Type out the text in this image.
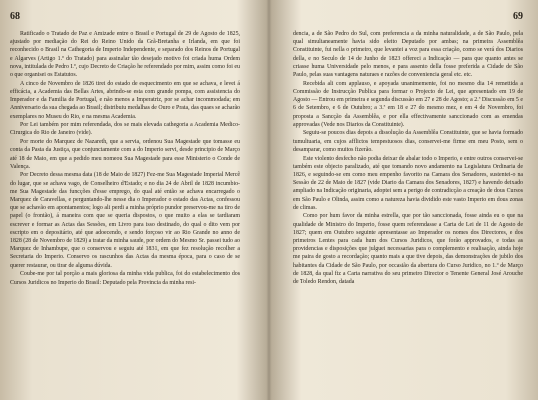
68

Ratificado o Tratado de Paz e Amizade entre o Brasil e Portugal de 29 de Agosto de 1825, ajustado por mediação do Rei do Reino Unido da Grã-Bretanha e Irlanda, em que foi reconhecido o Brasil na Cathegoria de Imperio Independente, e separado dos Reinos de Portugal e Algarves (Artigo 1.º do Tratado) para assinalar tão desejado motivo foi criada huma Ordem nova, intitulada de Pedro I.º, cujo Decreto de Criação he referendado por mim, assim como foi eu o que organisei os Estatutos.

A cinco de Novembro de 1826 tirei do estado de esquecimento em que se achava, e levei á efficácia, a Academia das Bellas Artes, abrindo-se esta com grande pompa, com assistencia do Imperador e da Familia de Portugal, e não menos a Imperatriz, por se achar incommodada; em Anniversario da sua chegada ao Brasil; distribuiu medalhas de Ouro e Prata, das quaes se acharão exemplares no Museu do Rio, e na mesma Academia.

Por Lei também por mim referendada, dos se mais elevada cathegoria a Academia Medico-Cirurgica do Rio de Janeiro (vide).

Por morte do Marquez de Nazareth, que a servia, ordenou Sua Magestade que tomasse eu conta da Pasta da Justiça, que conjunctamente com a do Imperio servi, desde principio de Março até 18 de Maio, em que a pedido meu nomeou Sua Magestade para esse Ministerio o Conde de Valença.

Por Decreto dessa mesma data (18 de Maio de 1827) Fez-me Sua Magestade Imperial Mercê do lugar, que se achava vago, de Conselheiro d'Estado; e no dia 24 de Abril de 1828 incumbio-me Sua Magestade das funcções d'esse emprego, do qual até então se achava encarregado o Marquez de Caravellas, e perguntando-lhe nesse dia o Imperador o estado das Actas, confessou que se achavão em apontamentos; logo ali perdi a minha próprio pundor preservou-me na tiro de papel (o frontão), á maneira com que se queria dispostos, o que muito a elas se tardiaram escrever e formar as Actas das Sessões, em Livro para isso destinado, do qual o dito vem por escripto em o depositário, até que adoecendo, e sendo forçoso vir ao Rio Grande no anno de 1828 (28 de Novembro de 1829) a tratar da minha saude, por ordem do Mesmo Sr. passei tudo ao Marquez de Inhambupe, que o conservou e seguiu até 1831, em que fez resolução recolher a Secretaria do Imperio. Conservo os rascunhos das Actas da mesma época, para o caso de se querer restaurar, ou tirar de alguma dúvida.

Coube-me por tal porção a mais gloriosa da minha vida publica, foi do estabelecimento dos Cursos Juridicos no Imperio do Brasil: Deputado pela Provincia da minha resi-

69

dencia, a de São Pedro do Sul, com preferencia a da minha naturalidade, a de São Paulo, pela qual simultaneamente havia sido eleito Deputado por ambas; na primeira Assemblêa Constituinte, fui nella o primeiro, que levantei a voz para essa criação, como se verá dos Diarios della, e no Seculo de 14 de Junho de 1823 offereci a Indicação — para que quanto antes se criasse huma Universidade pelo menos, e para assento della fosse preferida a Cidade de São Paulo, pelas suas vantagens naturaes e razões de conveniencia geral etc. etc.

Recebida ali com applauso, e apoyada unanimemente, foi no mesmo dia 14 remettida a Commissão de Instrucção Publica para formar o Projecto de Lei, que apresentado em 19 de Agosto — Entrou em primeira e segunda discussão em 27 e 28 de Agosto; a 2.ª Discussão em 5 e 6 de Setembro, e 6 de Outubro; a 3.ª em 18 e 27 do mesmo mez, e em 4 de Novembro, foi proposta a Sancção da Assemblêa, e por ella effectivamente sanccionado com as emendas approvadas (Vede nos Diarios da Constituinte).

Seguiu-se poucos dias depois a dissolução da Assemblêa Constituinte, que se havia formado tumultuaria, em cujos afflictos tempestuosos dias, conservei-me firme em meu Posto, sem o desamparar, como muitos fizerão.

Este violento desfecho não podia deixar de abalar todo o Imperio, e entre outros conservei-se também este objecto paralizado, até que tomando novo andamento na Legislatura Ordinaria de 1826, e seguindo-se em como meu empenho favorito na Camara dos Senadores, sustentei-o na Sessão de 22 de Maio de 1827 (vide Diario da Camara dos Senadores, 1827) e havendo deixado ampliado na Indicação originaria, adoptei sem a perigo de contradicção a creação de dous Cursos em São Paulo e Olinda, assim como a natureza havia dividido este vasto Imperio em dous zonas de climas.

Como por hum favor da minha estrella, que por tão sanccionada, fosse ainda eu o que na qualidade de Ministro do Imperio, fosse quem referendasse a Carta de Lei de 11 de Agosto de 1827; quem em Outubro seguinte apresentasse ao Imperador os nomes dos Directores, e dos primeiros Lentes para cada hum dos Cursos Juridicos, que forão approvados, e todas as providencias e disposições que julguei necessarias para o complemento e realisação, ainda hoje me paira de gosto a recordação; quanto mais a que tive depois, das demonstrações de jubilo dos habitantes da Cidade de São Paulo, por occasião da abertura do Curso Juridico, no 1.º de Março de 1828, da qual fiz a Carta narrativa do seu primeiro Director o Tenente General José Arouche de Toledo Rendon, datada
